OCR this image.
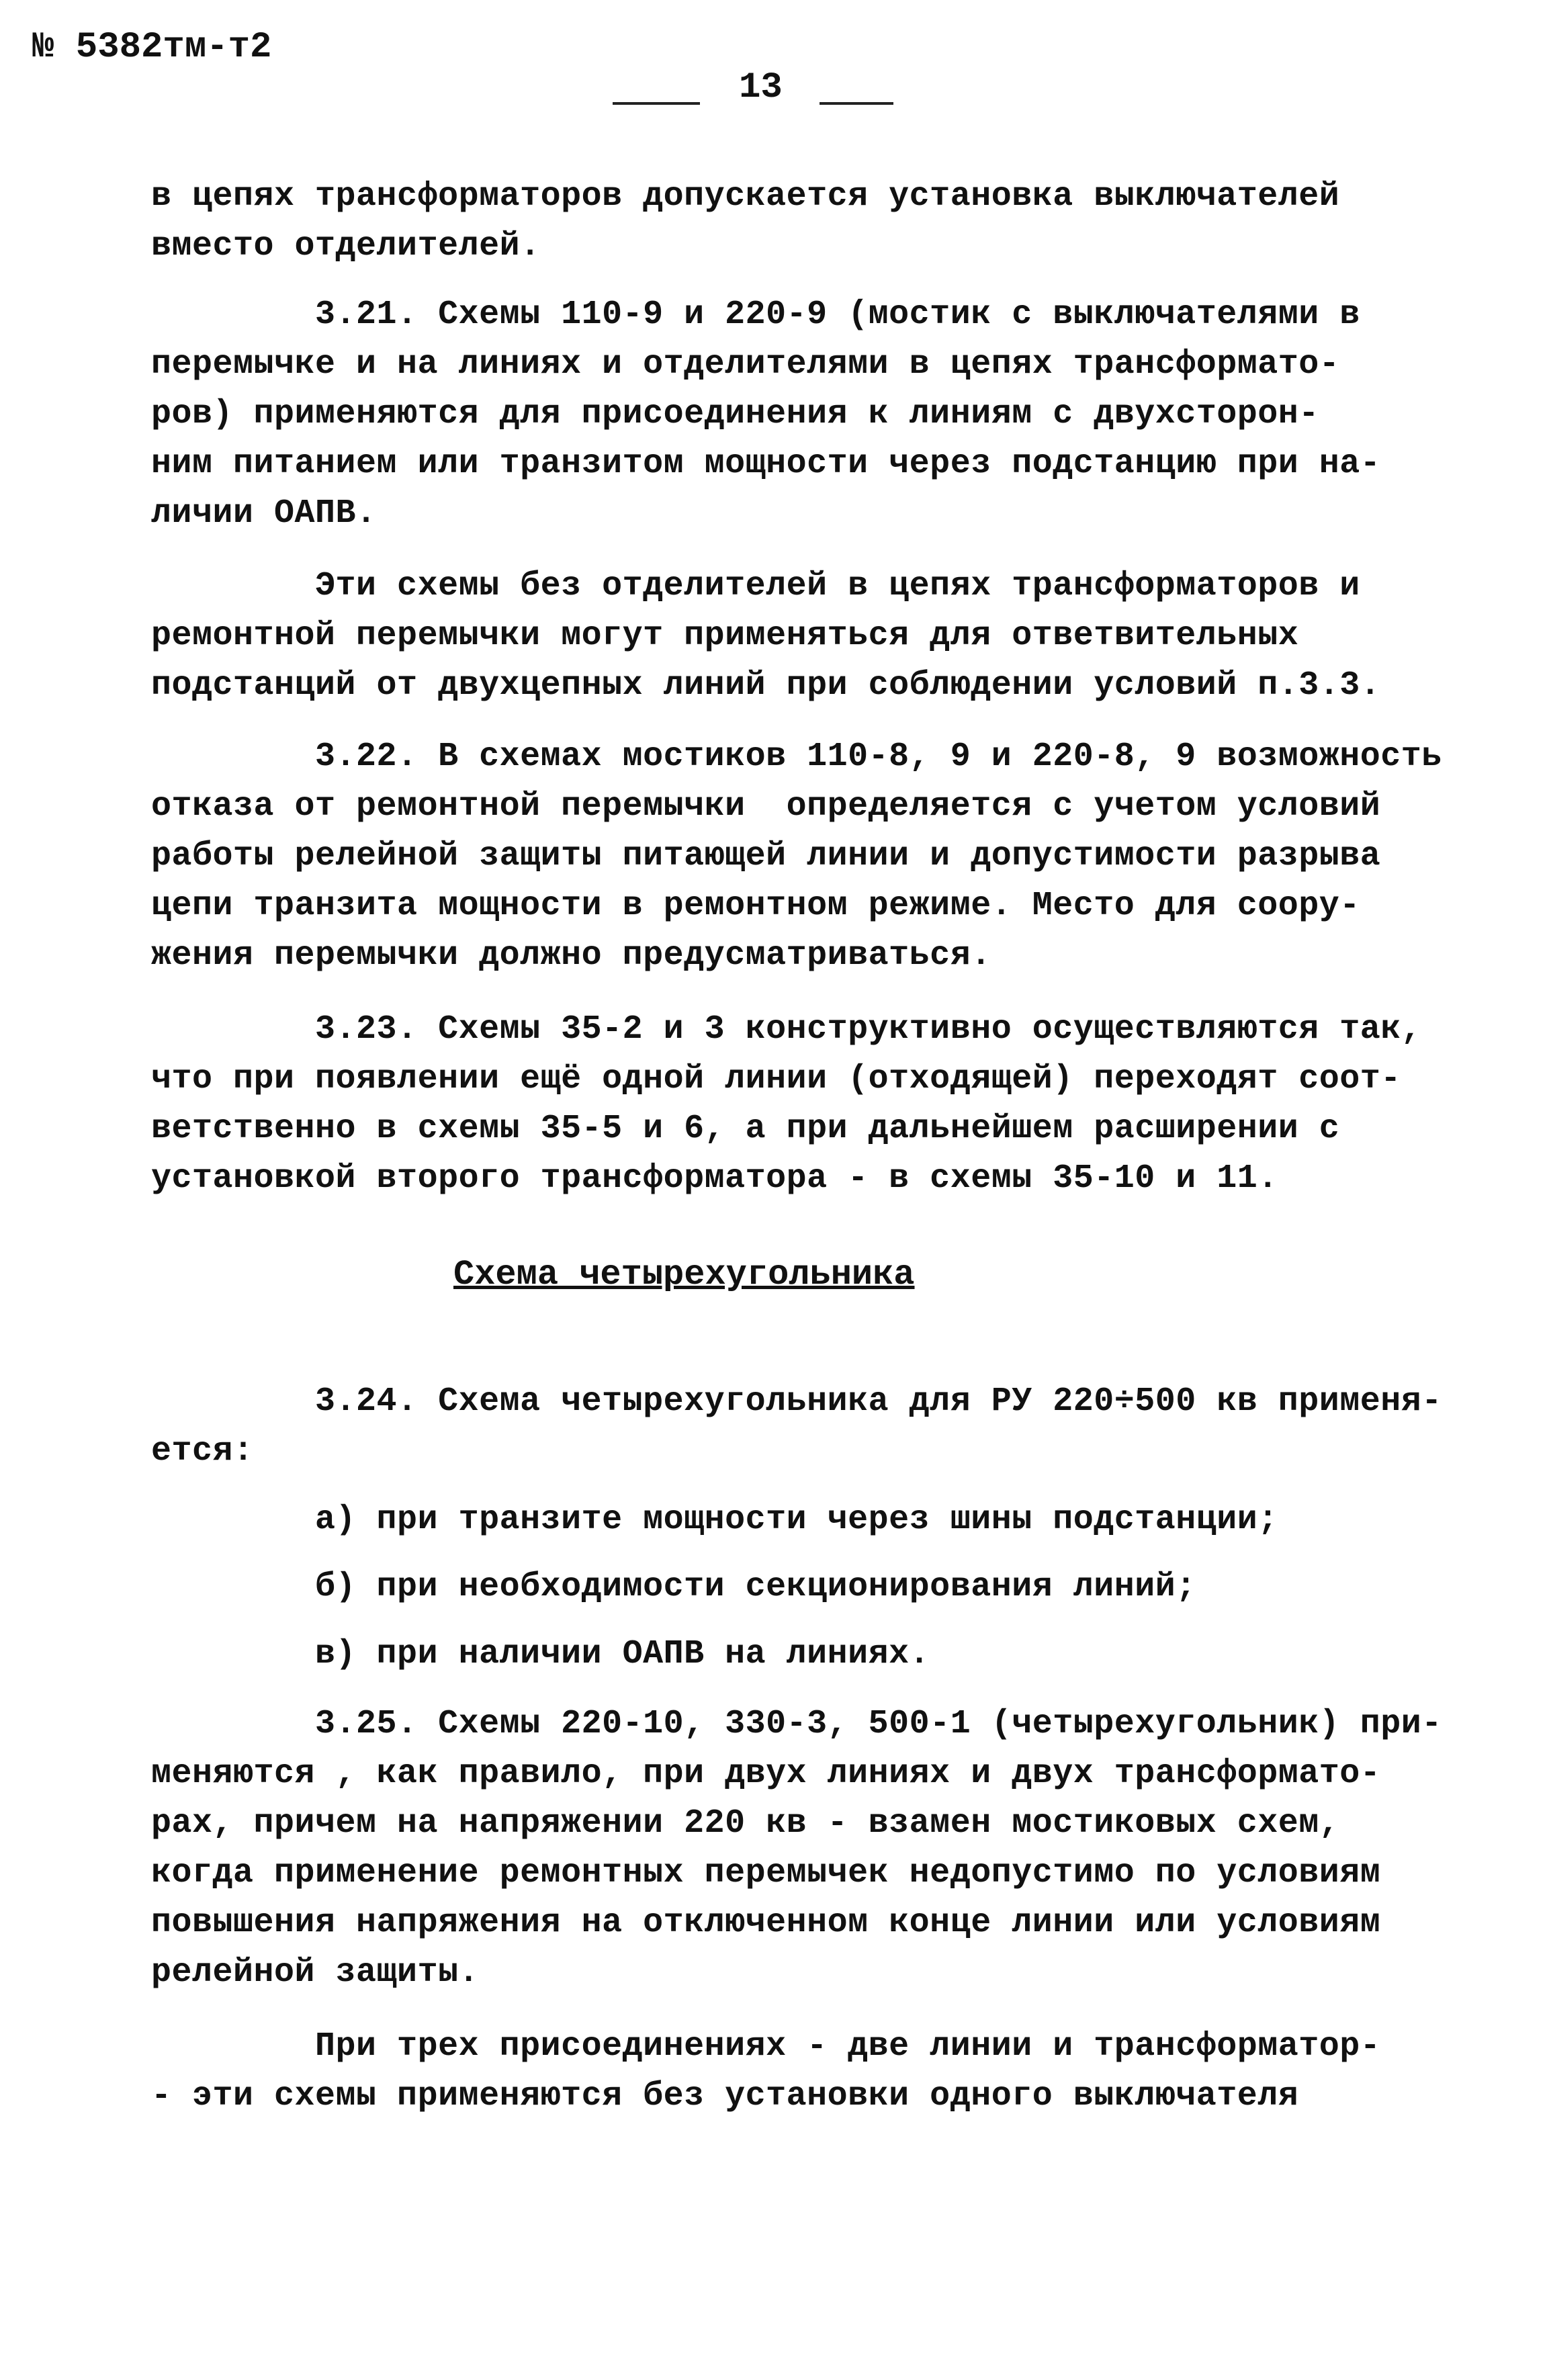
№ 5382тм-т2
13
в цепях трансформаторов допускается установка выключателей
вместо отделителей.
3.21. Схемы 110-9 и 220-9 (мостик с выключателями в
перемычке и на линиях и отделителями в цепях трансформато-
ров) применяются для присоединения к линиям с двухсторон-
ним питанием или транзитом мощности через подстанцию при на-
личии ОАПВ.
Эти схемы без отделителей в цепях трансформаторов и
ремонтной перемычки могут применяться для ответвительных
подстанций от двухцепных линий при соблюдении условий п.3.3.
3.22. В схемах мостиков 110-8, 9 и 220-8, 9 возможность
отказа от ремонтной перемычки  определяется с учетом условий
работы релейной защиты питающей линии и допустимости разрыва
цепи транзита мощности в ремонтном режиме. Место для соору-
жения перемычки должно предусматриваться.
3.23. Схемы 35-2 и 3 конструктивно осуществляются так,
что при появлении ещё одной линии (отходящей) переходят соот-
ветственно в схемы 35-5 и 6, а при дальнейшем расширении с
установкой второго трансформатора - в схемы 35-10 и 11.
Схема четырехугольника
3.24. Схема четырехугольника для РУ 220÷500 кв применя-
ется:
а) при транзите мощности через шины подстанции;
б) при необходимости секционирования линий;
в) при наличии ОАПВ на линиях.
3.25. Схемы 220-10, 330-3, 500-1 (четырехугольник) при-
меняются , как правило, при двух линиях и двух трансформато-
рах, причем на напряжении 220 кв - взамен мостиковых схем,
когда применение ремонтных перемычек недопустимо по условиям
повышения напряжения на отключенном конце линии или условиям
релейной защиты.
При трех присоединениях - две линии и трансформатор-
- эти схемы применяются без установки одного выключателя
